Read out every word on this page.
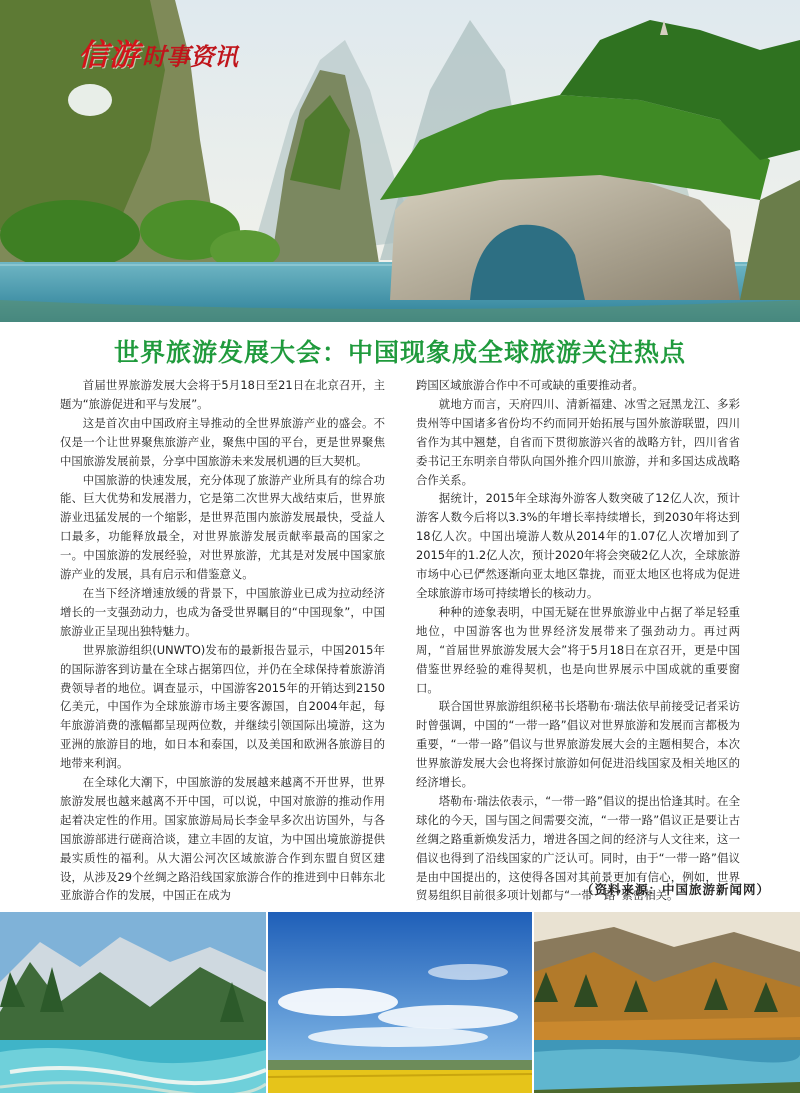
信游时事资讯
世界旅游发展大会：中国现象成全球旅游关注热点

首届世界旅游发展大会将于5月18日至21日在北京召开，主题为“旅游促进和平与发展”。

这是首次由中国政府主导推动的全世界旅游产业的盛会。不仅是一个让世界聚焦旅游产业，聚焦中国的平台，更是世界聚焦中国旅游发展前景，分享中国旅游未来发展机遇的巨大契机。

中国旅游的快速发展，充分体现了旅游产业所具有的综合功能、巨大优势和发展潜力，它是第二次世界大战结束后，世界旅游业迅猛发展的一个缩影，是世界范围内旅游发展最快，受益人口最多，功能释放最全，对世界旅游发展贡献率最高的国家之一。中国旅游的发展经验，对世界旅游，尤其是对发展中国家旅游产业的发展，具有启示和借鉴意义。

在当下经济增速放缓的背景下，中国旅游业已成为拉动经济增长的一支强劲动力，也成为备受世界瞩目的“中国现象”，中国旅游业正呈现出独特魅力。

世界旅游组织(UNWTO)发布的最新报告显示，中国2015年的国际游客到访量在全球占据第四位，并仍在全球保持着旅游消费领导者的地位。调查显示，中国游客2015年的开销达到2150亿美元，中国作为全球旅游市场主要客源国，自2004年起，每年旅游消费的涨幅都呈现两位数，并继续引领国际出境游，这为亚洲的旅游目的地，如日本和泰国，以及美国和欧洲各旅游目的地带来利润。

在全球化大潮下，中国旅游的发展越来越离不开世界，世界旅游发展也越来越离不开中国，可以说，中国对旅游的推动作用起着决定性的作用。国家旅游局局长李金早多次出访国外，与各国旅游部进行磋商洽谈，建立丰固的友谊，为中国出境旅游提供最实质性的福利。从大湄公河次区域旅游合作到东盟自贸区建设，从涉及29个丝绸之路沿线国家旅游合作的推进到中日韩东北亚旅游合作的发展，中国正在成为

跨国区域旅游合作中不可或缺的重要推动者。

就地方而言，天府四川、清新福建、冰雪之冠黑龙江、多彩贵州等中国诸多省份均不约而同开始拓展与国外旅游联盟，四川省作为其中翘楚，自省而下贯彻旅游兴省的战略方针，四川省省委书记王东明亲自带队向国外推介四川旅游，并和多国达成战略合作关系。

据统计，2015年全球海外游客人数突破了12亿人次，预计游客人数今后将以3.3%的年增长率持续增长，到2030年将达到18亿人次。中国出境游人数从2014年的1.07亿人次增加到了2015年的1.2亿人次，预计2020年将会突破2亿人次，全球旅游市场中心已俨然逐渐向亚太地区靠拢，而亚太地区也将成为促进全球旅游市场可持续增长的核动力。

种种的迹象表明，中国无疑在世界旅游业中占据了举足轻重地位，中国游客也为世界经济发展带来了强劲动力。再过两周，“首届世界旅游发展大会”将于5月18日在京召开，更是中国借鉴世界经验的难得契机，也是向世界展示中国成就的重要窗口。

联合国世界旅游组织秘书长塔勒布·瑞法依早前接受记者采访时曾强调，中国的“一带一路”倡议对世界旅游和发展而言都极为重要，“一带一路”倡议与世界旅游发展大会的主题相契合，本次世界旅游发展大会也将探讨旅游如何促进沿线国家及相关地区的经济增长。

塔勒布·瑞法依表示，“一带一路”倡议的提出恰逢其时。在全球化的今天，国与国之间需要交流，“一带一路”倡议正是要让古丝绸之路重新焕发活力，增进各国之间的经济与人文往来，这一倡议也得到了沿线国家的广泛认可。同时，由于“一带一路”倡议是由中国提出的，这使得各国对其前景更加有信心，例如，世界贸易组织目前很多项计划都与“一带一路”紧密相关。

（资料来源：中国旅游新闻网）
